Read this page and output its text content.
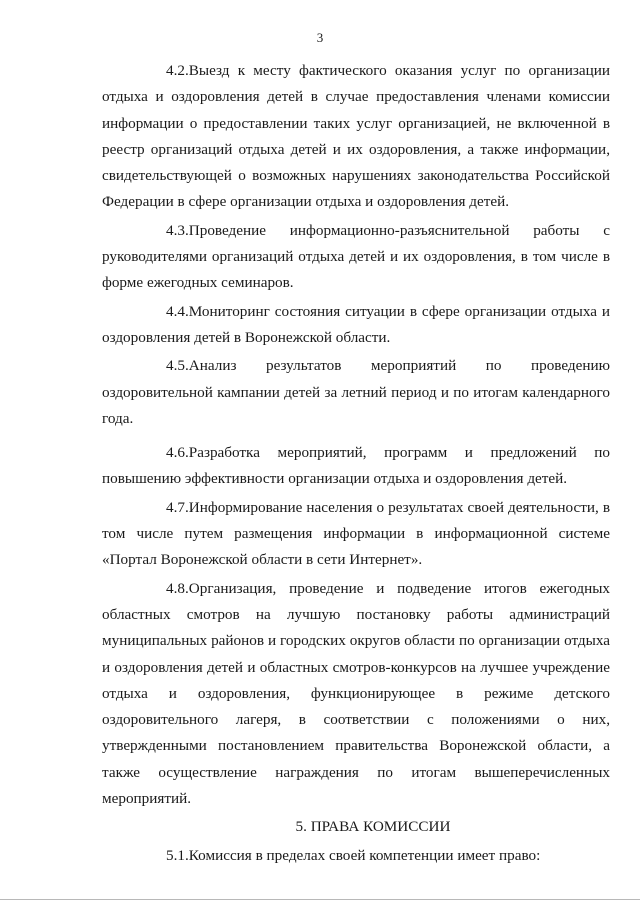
3

4.2.Выезд к месту фактического оказания услуг по организации отдыха и оздоровления детей в случае предоставления членами комиссии информации о предоставлении таких услуг организацией, не включенной в реестр организаций отдыха детей и их оздоровления, а также информации, свидетельствующей о возможных нарушениях законодательства Российской Федерации в сфере организации отдыха и оздоровления детей.

4.3.Проведение информационно-разъяснительной работы с руководителями организаций отдыха детей и их оздоровления, в том числе в форме ежегодных семинаров.

4.4.Мониторинг состояния ситуации в сфере организации отдыха и оздоровления детей в Воронежской области.

4.5.Анализ результатов мероприятий по проведению оздоровительной кампании детей за летний период и по итогам календарного года.

4.6.Разработка мероприятий, программ и предложений по повышению эффективности организации отдыха и оздоровления детей.

4.7.Информирование населения о результатах своей деятельности, в том числе путем размещения информации в информационной системе «Портал Воронежской области в сети Интернет».

4.8.Организация, проведение и подведение итогов ежегодных областных смотров на лучшую постановку работы администраций муниципальных районов и городских округов области по организации отдыха и оздоровления детей и областных смотров-конкурсов на лучшее учреждение отдыха и оздоровления, функционирующее в режиме детского оздоровительного лагеря, в соответствии с положениями о них, утвержденными постановлением правительства Воронежской области, а также осуществление награждения по итогам вышеперечисленных мероприятий.

5. ПРАВА КОМИССИИ

5.1.Комиссия в пределах своей компетенции имеет право:
